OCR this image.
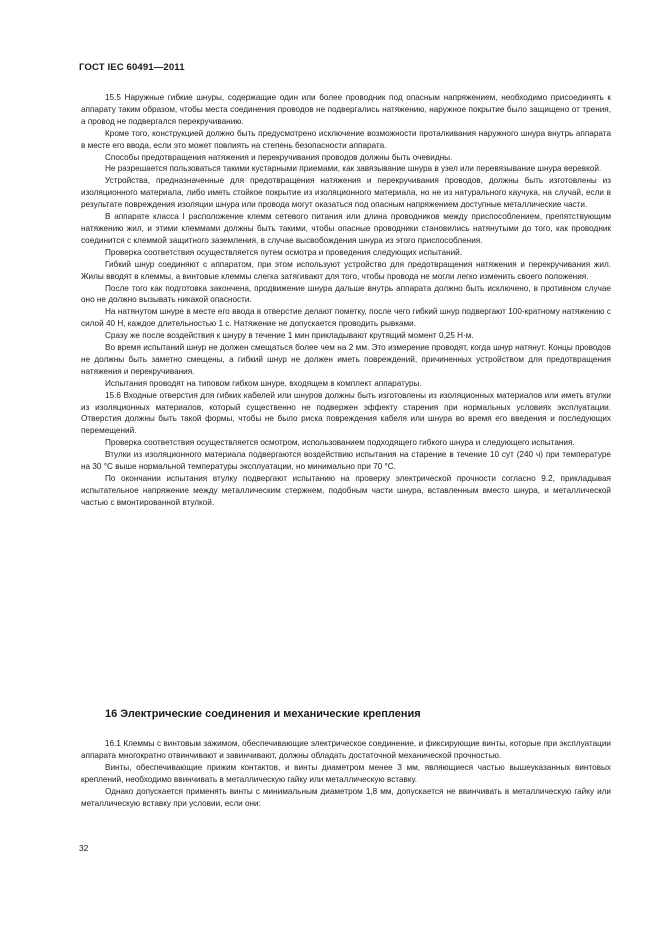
ГОСТ IEC 60491—2011

15.5 Наружные гибкие шнуры, содержащие один или более проводник под опасным напряжением, необходимо присоединять к аппарату таким образом, чтобы места соединения проводов не подвергались натяжению, наружное покрытие было защищено от трения, а провод не подвергался перекручиванию.

Кроме того, конструкцией должно быть предусмотрено исключение возможности проталкивания наружного шнура внутрь аппарата в месте его ввода, если это может повлиять на степень безопасности аппарата.

Способы предотвращения натяжения и перекручивания проводов должны быть очевидны.

Не разрешается пользоваться такими кустарными приемами, как завязывание шнура в узел или перевязывание шнура веревкой.

Устройства, предназначенные для предотвращения натяжения и перекручивания проводов, должны быть изготовлены из изоляционного материала, либо иметь стойкое покрытие из изоляционного материала, но не из натурального каучука, на случай, если в результате повреждения изоляции шнура или провода могут оказаться под опасным напряжением доступные металлические части.

В аппарате класса I расположение клемм сетевого питания или длина проводников между приспособлением, препятствующим натяжению жил, и этими клеммами должны быть такими, чтобы опасные проводники становились натянутыми до того, как проводник соединится с клеммой защитного заземления, в случае высвобождения шнура из этого приспособления.

Проверка соответствия осуществляется путем осмотра и проведения следующих испытаний.

Гибкий шнур соединяют с аппаратом, при этом используют устройство для предотвращения натяжения и перекручивания жил. Жилы вводят в клеммы, а винтовые клеммы слегка затягивают для того, чтобы провода не могли легко изменить своего положения.

После того как подготовка закончена, продвижение шнура дальше внутрь аппарата должно быть исключено, в противном случае оно не должно вызывать никакой опасности.

На натянутом шнуре в месте его ввода в отверстие делают пометку, после чего гибкий шнур подвергают 100-кратному натяжению с силой 40 Н, каждое длительностью 1 с. Натяжение не допускается проводить рывками.

Сразу же после воздействия к шнуру в течение 1 мин прикладывают крутящий момент 0,25 Н·м.

Во время испытаний шнур не должен смещаться более чем на 2 мм. Это измерение проводят, когда шнур натянут. Концы проводов не должны быть заметно смещены, а гибкий шнур не должен иметь повреждений, причиненных устройством для предотвращения натяжения и перекручивания.

Испытания проводят на типовом гибком шнуре, входящем в комплект аппаратуры.

15.6 Входные отверстия для гибких кабелей или шнуров должны быть изготовлены из изоляционных материалов или иметь втулки из изоляционных материалов, который существенно не подвержен эффекту старения при нормальных условиях эксплуатации. Отверстия должны быть такой формы, чтобы не было риска повреждения кабеля или шнура во время его введения и последующих перемещений.

Проверка соответствия осуществляется осмотром, использованием подходящего гибкого шнура и следующего испытания.

Втулки из изоляционного материала подвергаются воздействию испытания на старение в течение 10 сут (240 ч) при температуре на 30 °С выше нормальной температуры эксплуатации, но минимально при 70 °С.

По окончании испытания втулку подвергают испытанию на проверку электрической прочности согласно 9.2, прикладывая испытательное напряжение между металлическим стержнем, подобным части шнура, вставленным вместо шнура, и металлической частью с вмонтированной втулкой.

16 Электрические соединения и механические крепления

16.1 Клеммы с винтовым зажимом, обеспечивающие электрическое соединение, и фиксирующие винты, которые при эксплуатации аппарата многократно отвинчивают и завинчивают, должны обладать достаточной механической прочностью.

Винты, обеспечивающие прижим контактов, и винты диаметром менее 3 мм, являющиеся частью вышеуказанных винтовых креплений, необходимо ввинчивать в металлическую гайку или металлическую вставку.

Однако допускается применять винты с минимальным диаметром 1,8 мм, допускается не ввинчивать в металлическую гайку или металлическую вставку при условии, если они:

32
